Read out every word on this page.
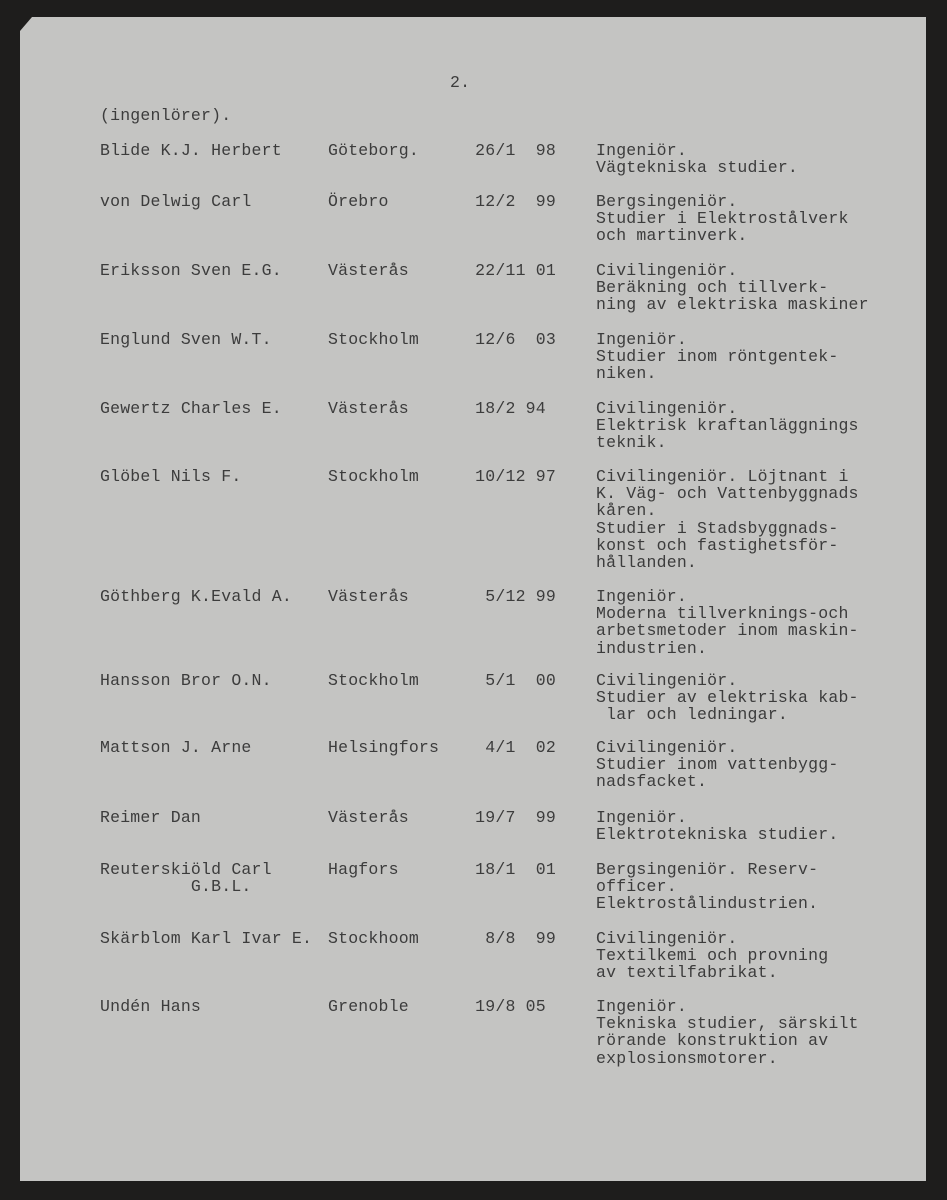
2.
(ingenlörer).
Blide K.J. Herbert	Göteborg.	26/1  98 Ingeniör.
Vägtekniska studier.
von Delwig Carl	Örebro	12/2  99 Bergsingeniör.
Studier i Elektrostålverk
och martinverk.
Eriksson Sven E.G.	Västerås	22/11 01 Civilingeniör.
Beräkning och tillverk-
ning av elektriska maskiner
Englund Sven W.T.	Stockholm	12/6  03 Ingeniör.
Studier inom röntgentek-
niken.
Gewertz Charles E.	Västerås	18/2 94 Civilingeniör.
Elektrisk kraftanläggnings
teknik.
Glöbel Nils F.	Stockholm	10/12 97 Civilingeniör. Löjtnant i
K. Väg- och Vattenbyggnads
kåren.
Studier i Stadsbyggnads-
konst och fastighetsför-
hållanden.
Göthberg K.Evald A. Västerås	5/12 99 Ingeniör.
Moderna tillverknings-och
arbetsmetoder inom maskin-
industrien.
Hansson Bror O.N.	Stockholm	5/1  00 Civilingeniör.
Studier av elektriska kab-
lar och ledningar.
Mattson J. Arne	Helsingfors	4/1  02 Civilingeniör.
Studier inom vattenbygg-
nadsfacket.
Reimer Dan	Västerås	19/7  99 Ingeniör.
Elektrotekniska studier.
Reuterskiöld Carl
G.B.L.
Hagfors	18/1  01 Bergsingeniör. Reserv-
officer.
Elektrostålindustrien.
Skärblom Karl Ivar E. Stockhoom	8/8  99 Civilingeniör.
Textilkemi och provning
av textilfabrikat.
Undén Hans	Grenoble	19/8 05 Ingeniör.
Tekniska studier, särskilt
rörande konstruktion av
explosionsmotorer.
